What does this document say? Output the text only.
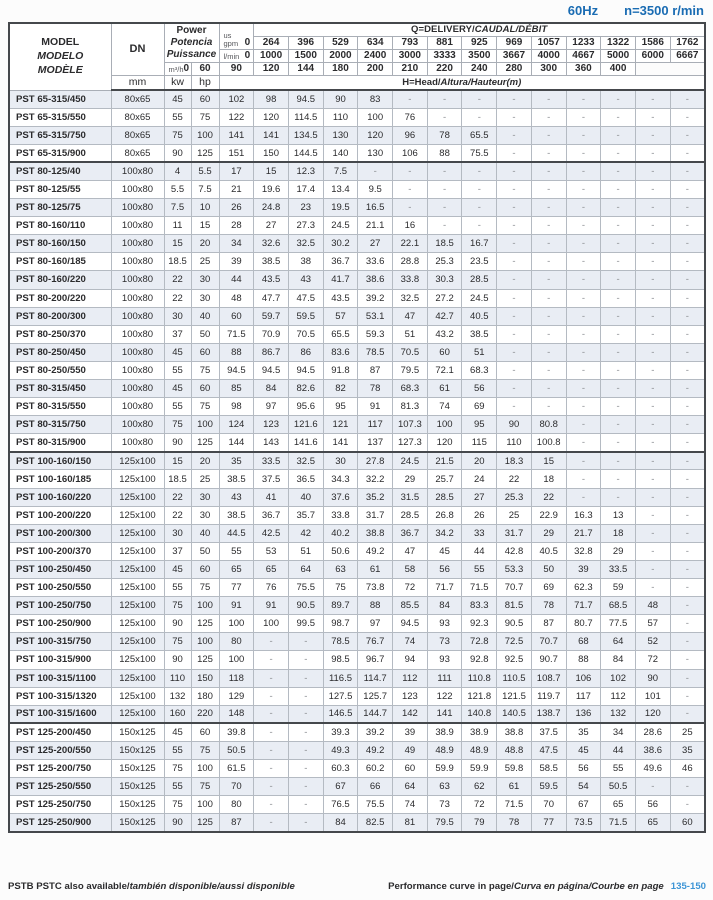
60Hz n=3500 r/min
MODEL
MODELO
MODÈLE
	DN	
Power
Potencia
Puissance

us
gpm 0
	Q=DELIVERY/CAUDAL/DÉBIT
					264	396	529	634	793	881	925	969	1057	1233	1322	1586	1762

				l/min 0	1000	1500	2000	2400	3000	3333	3500	3667	4000	4667	5000	6000	6667

		m³/h 0	60	90	120	144	180	200	210	220	240	280	300	360	400		
	mm	kw	hp	H=Head/Altura/Hauteur(m)													
PST 65-315/450	80x65	45	60	102	98	94.5	90	83	-	-	-	-	-	-	-	-	-
PST 65-315/550	80x65	55	75	122	120	114.5	110	100	76	-	-	-	-	-	-	-	-
PST 65-315/750	80x65	75	100	141	141	134.5	130	120	96	78	65.5	-	-	-	-	-	-
PST 65-315/900	80x65	90	125	151	150	144.5	140	130	106	88	75.5	-	-	-	-	-	-
PST 80-125/40	100x80	4	5.5	17	15	12.3	7.5	-	-	-	-	-	-	-	-	-	-
PST 80-125/55	100x80	5.5	7.5	21	19.6	17.4	13.4	9.5	-	-	-	-	-	-	-	-	-
PST 80-125/75	100x80	7.5	10	26	24.8	23	19.5	16.5	-	-	-	-	-	-	-	-	-
PST 80-160/110	100x80	11	15	28	27	27.3	24.5	21.1	16	-	-	-	-	-	-	-	-
PST 80-160/150	100x80	15	20	34	32.6	32.5	30.2	27	22.1	18.5	16.7	-	-	-	-	-	-
PST 80-160/185	100x80	18.5	25	39	38.5	38	36.7	33.6	28.8	25.3	23.5	-	-	-	-	-	-
PST 80-160/220	100x80	22	30	44	43.5	43	41.7	38.6	33.8	30.3	28.5	-	-	-	-	-	-
PST 80-200/220	100x80	22	30	48	47.7	47.5	43.5	39.2	32.5	27.2	24.5	-	-	-	-	-	-
PST 80-200/300	100x80	30	40	60	59.7	59.5	57	53.1	47	42.7	40.5	-	-	-	-	-	-
PST 80-250/370	100x80	37	50	71.5	70.9	70.5	65.5	59.3	51	43.2	38.5	-	-	-	-	-	-
PST 80-250/450	100x80	45	60	88	86.7	86	83.6	78.5	70.5	60	51	-	-	-	-	-	-
PST 80-250/550	100x80	55	75	94.5	94.5	94.5	91.8	87	79.5	72.1	68.3	-	-	-	-	-	-
PST 80-315/450	100x80	45	60	85	84	82.6	82	78	68.3	61	56	-	-	-	-	-	-
PST 80-315/550	100x80	55	75	98	97	95.6	95	91	81.3	74	69	-	-	-	-	-	-
PST 80-315/750	100x80	75	100	124	123	121.6	121	117	107.3	100	95	90	80.8	-	-	-	-
PST 80-315/900	100x80	90	125	144	143	141.6	141	137	127.3	120	115	110	100.8	-	-	-	-
PST 100-160/150	125x100	15	20	35	33.5	32.5	30	27.8	24.5	21.5	20	18.3	15	-	-	-	-
PST 100-160/185	125x100	18.5	25	38.5	37.5	36.5	34.3	32.2	29	25.7	24	22	18	-	-	-	-
PST 100-160/220	125x100	22	30	43	41	40	37.6	35.2	31.5	28.5	27	25.3	22	-	-	-	-
PST 100-200/220	125x100	22	30	38.5	36.7	35.7	33.8	31.7	28.5	26.8	26	25	22.9	16.3	13	-	-
PST 100-200/300	125x100	30	40	44.5	42.5	42	40.2	38.8	36.7	34.2	33	31.7	29	21.7	18	-	-
PST 100-200/370	125x100	37	50	55	53	51	50.6	49.2	47	45	44	42.8	40.5	32.8	29	-	-
PST 100-250/450	125x100	45	60	65	65	64	63	61	58	56	55	53.3	50	39	33.5	-	-
PST 100-250/550	125x100	55	75	77	76	75.5	75	73.8	72	71.7	71.5	70.7	69	62.3	59	-	-
PST 100-250/750	125x100	75	100	91	91	90.5	89.7	88	85.5	84	83.3	81.5	78	71.7	68.5	48	-
PST 100-250/900	125x100	90	125	100	100	99.5	98.7	97	94.5	93	92.3	90.5	87	80.7	77.5	57	-
PST 100-315/750	125x100	75	100	80	-	-	78.5	76.7	74	73	72.8	72.5	70.7	68	64	52	-
PST 100-315/900	125x100	90	125	100	-	-	98.5	96.7	94	93	92.8	92.5	90.7	88	84	72	-
PST 100-315/1100	125x100	110	150	118	-	-	116.5	114.7	112	111	110.8	110.5	108.7	106	102	90	-
PST 100-315/1320	125x100	132	180	129	-	-	127.5	125.7	123	122	121.8	121.5	119.7	117	112	101	-
PST 100-315/1600	125x100	160	220	148	-	-	146.5	144.7	142	141	140.8	140.5	138.7	136	132	120	-
PST 125-200/450	150x125	45	60	39.8	-	-	39.3	39.2	39	38.9	38.9	38.8	37.5	35	34	28.6	25
PST 125-200/550	150x125	55	75	50.5	-	-	49.3	49.2	49	48.9	48.9	48.8	47.5	45	44	38.6	35
PST 125-200/750	150x125	75	100	61.5	-	-	60.3	60.2	60	59.9	59.9	59.8	58.5	56	55	49.6	46
PST 125-250/550	150x125	55	75	70	-	-	67	66	64	63	62	61	59.5	54	50.5	-	-
PST 125-250/750	150x125	75	100	80	-	-	76.5	75.5	74	73	72	71.5	70	67	65	56	-
PST 125-250/900	150x125	90	125	87	-	-	84	82.5	81	79.5	79	78	77	73.5	71.5	65	60
PSTB PSTC also available/también disponible/aussi disponible	Performance curve in page/Curva en página/Courbe en page 135-150
